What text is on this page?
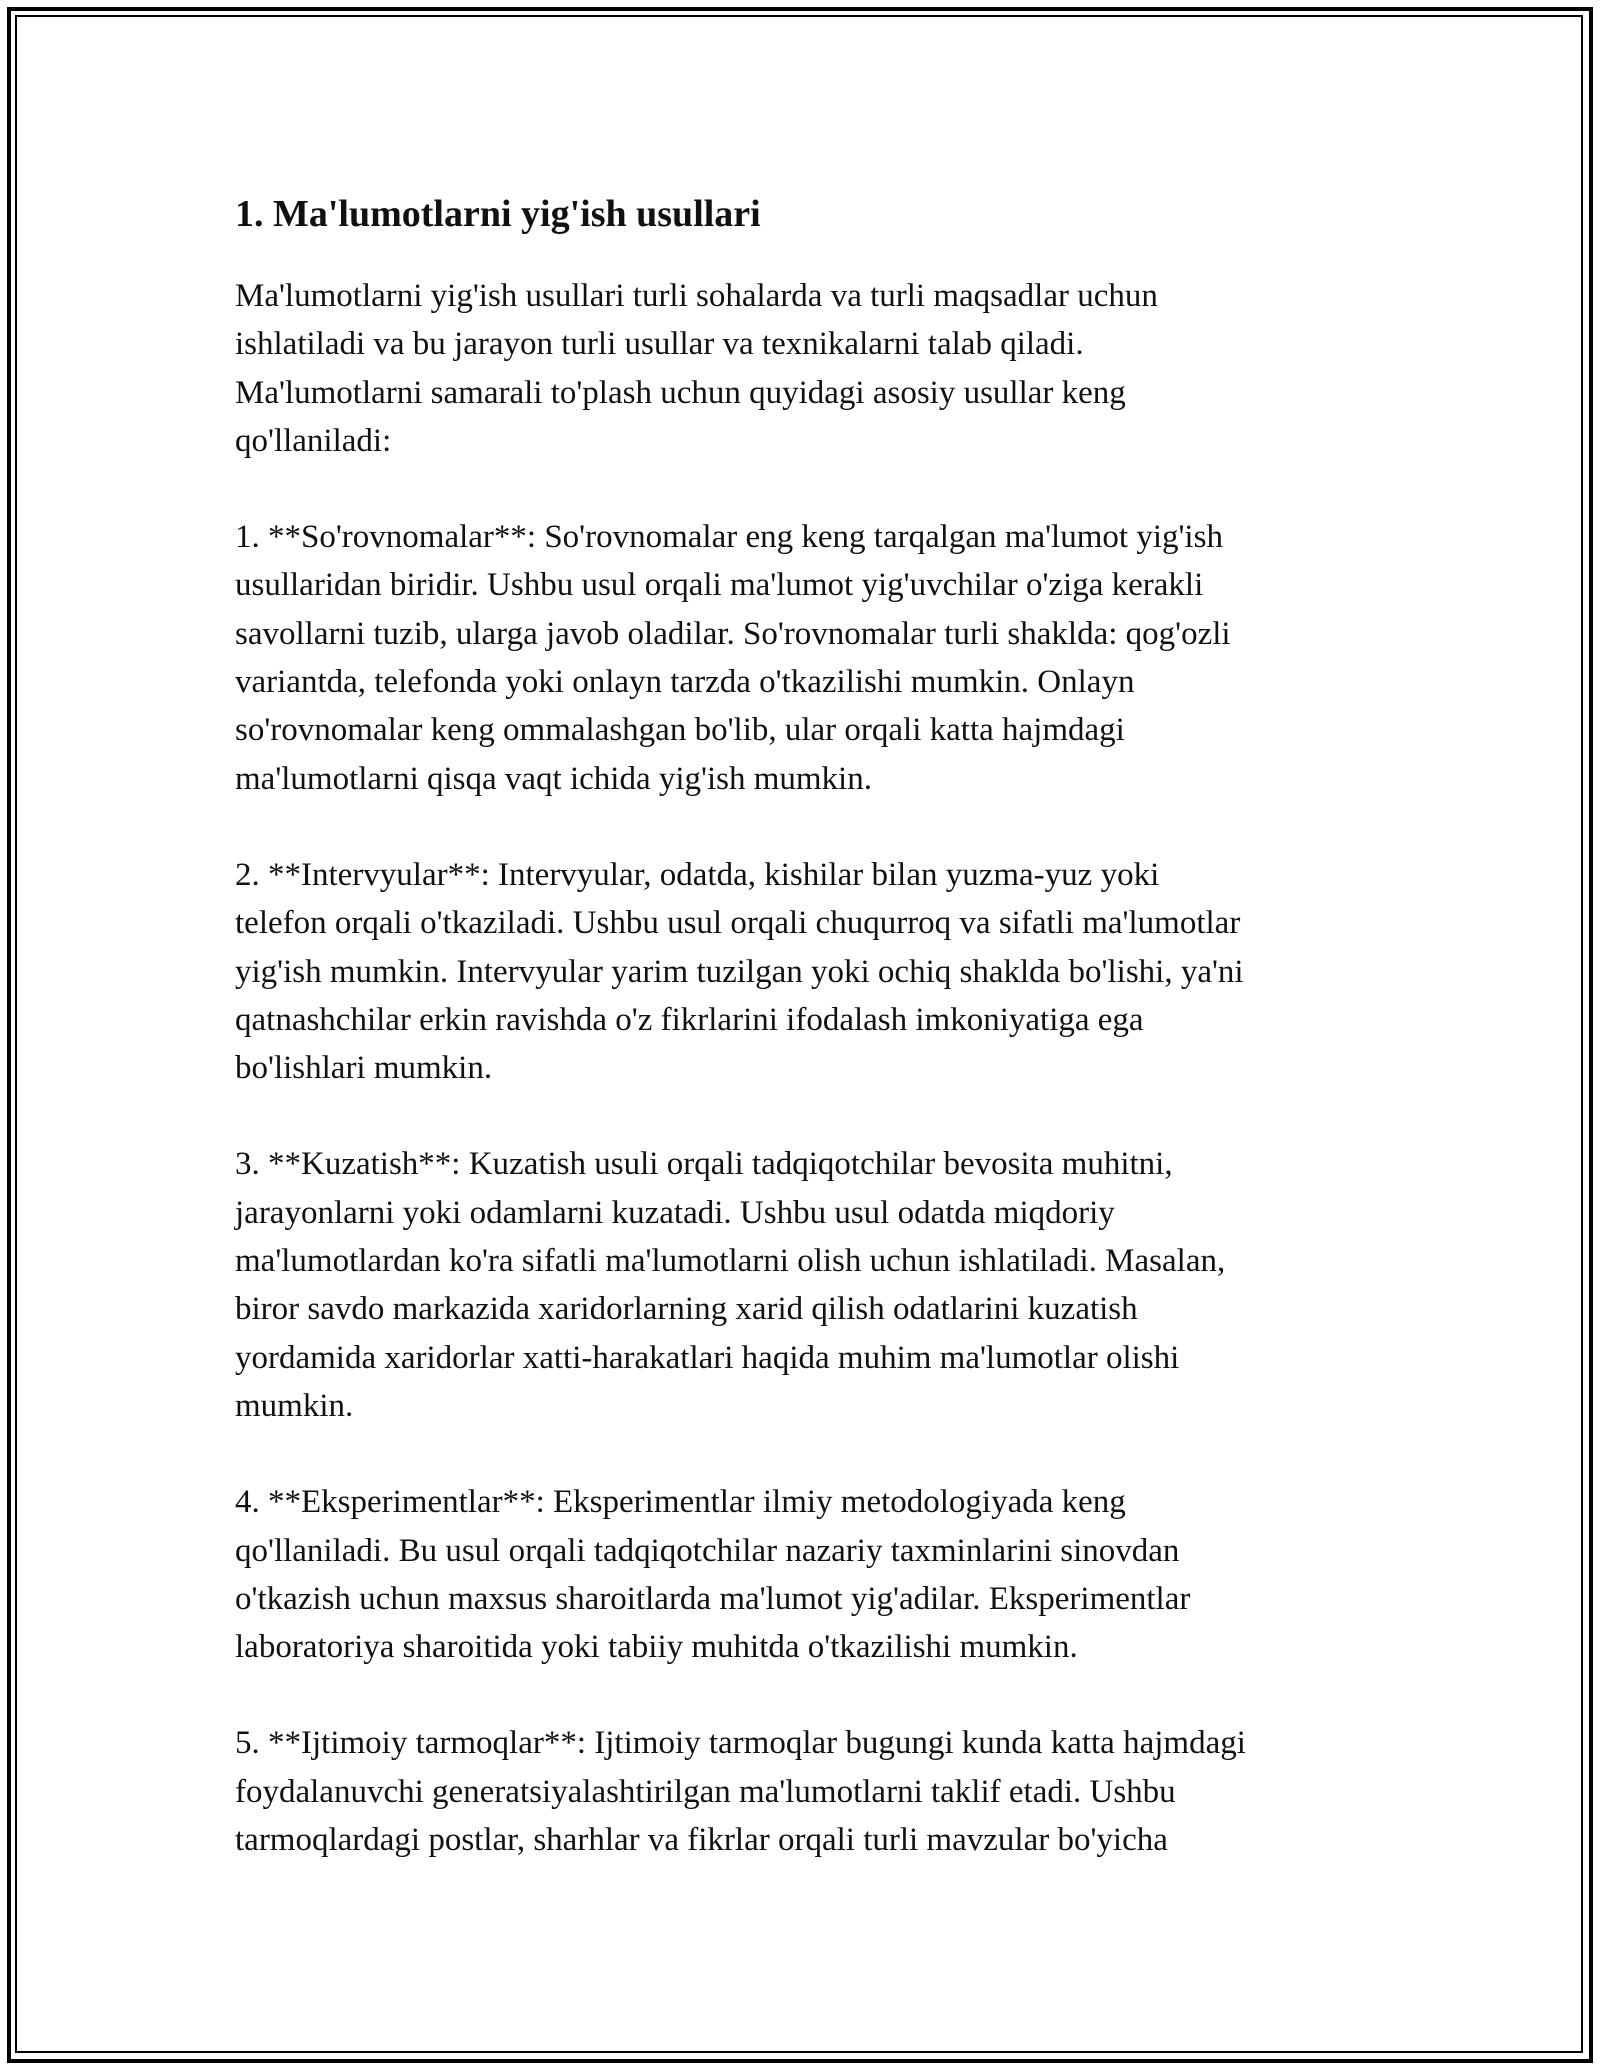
1. Ma'lumotlarni yig'ish usullari
Ma'lumotlarni yig'ish usullari turli sohalarda va turli maqsadlar uchun
ishlatiladi va bu jarayon turli usullar va texnikalarni talab qiladi.
Ma'lumotlarni samarali to'plash uchun quyidagi asosiy usullar keng
qo'llaniladi:
1. **So'rovnomalar**: So'rovnomalar eng keng tarqalgan ma'lumot yig'ish
usullaridan biridir. Ushbu usul orqali ma'lumot yig'uvchilar o'ziga kerakli
savollarni tuzib, ularga javob oladilar. So'rovnomalar turli shaklda: qog'ozli
variantda, telefonda yoki onlayn tarzda o'tkazilishi mumkin. Onlayn
so'rovnomalar keng ommalashgan bo'lib, ular orqali katta hajmdagi
ma'lumotlarni qisqa vaqt ichida yig'ish mumkin.
2. **Intervyular**: Intervyular, odatda, kishilar bilan yuzma-yuz yoki
telefon orqali o'tkaziladi. Ushbu usul orqali chuqurroq va sifatli ma'lumotlar
yig'ish mumkin. Intervyular yarim tuzilgan yoki ochiq shaklda bo'lishi, ya'ni
qatnashchilar erkin ravishda o'z fikrlarini ifodalash imkoniyatiga ega
bo'lishlari mumkin.
3. **Kuzatish**: Kuzatish usuli orqali tadqiqotchilar bevosita muhitni,
jarayonlarni yoki odamlarni kuzatadi. Ushbu usul odatda miqdoriy
ma'lumotlardan ko'ra sifatli ma'lumotlarni olish uchun ishlatiladi. Masalan,
biror savdo markazida xaridorlarning xarid qilish odatlarini kuzatish
yordamida xaridorlar xatti-harakatlari haqida muhim ma'lumotlar olishi
mumkin.
4. **Eksperimentlar**: Eksperimentlar ilmiy metodologiyada keng
qo'llaniladi. Bu usul orqali tadqiqotchilar nazariy taxminlarini sinovdan
o'tkazish uchun maxsus sharoitlarda ma'lumot yig'adilar. Eksperimentlar
laboratoriya sharoitida yoki tabiiy muhitda o'tkazilishi mumkin.
5. **Ijtimoiy tarmoqlar**: Ijtimoiy tarmoqlar bugungi kunda katta hajmdagi
foydalanuvchi generatsiyalashtirilgan ma'lumotlarni taklif etadi. Ushbu
tarmoqlardagi postlar, sharhlar va fikrlar orqali turli mavzular bo'yicha
